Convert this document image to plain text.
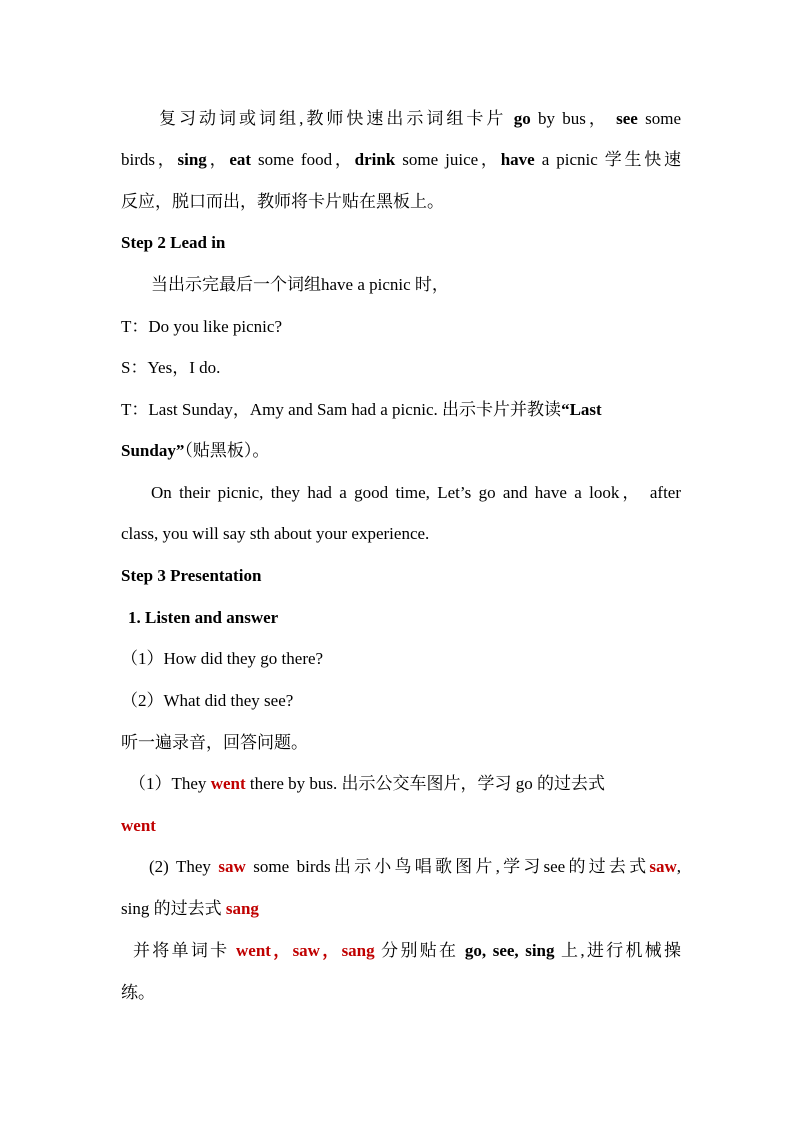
复习动词或词组,教师快速出示词组卡片 go by bus， see some
birds，sing，eat some food，drink some juice，have a picnic 学生快速
反应，脱口而出，教师将卡片贴在黑板上。
Step 2 Lead in
当出示完最后一个词组have a picnic 时，
T：Do you like picnic?
S：Yes，I do.
T：Last Sunday，Amy and Sam had a picnic. 出示卡片并教读“Last
Sunday”（贴黑板）。
On their picnic, they had a good time, Let’s go and have a look， after
class, you will say sth about your experience.
Step 3 Presentation
1. Listen and answer
（1）How did they go there?
（2）What did they see?
听一遍录音，回答问题。
（1）They went there by bus. 出示公交车图片，学习 go 的过去式
went
(2) They saw some birds出示小鸟唱歌图片,学习see的过去式saw,
sing 的过去式 sang
并将单词卡 went，saw，sang 分别贴在 go, see, sing 上,进行机械操
练。
